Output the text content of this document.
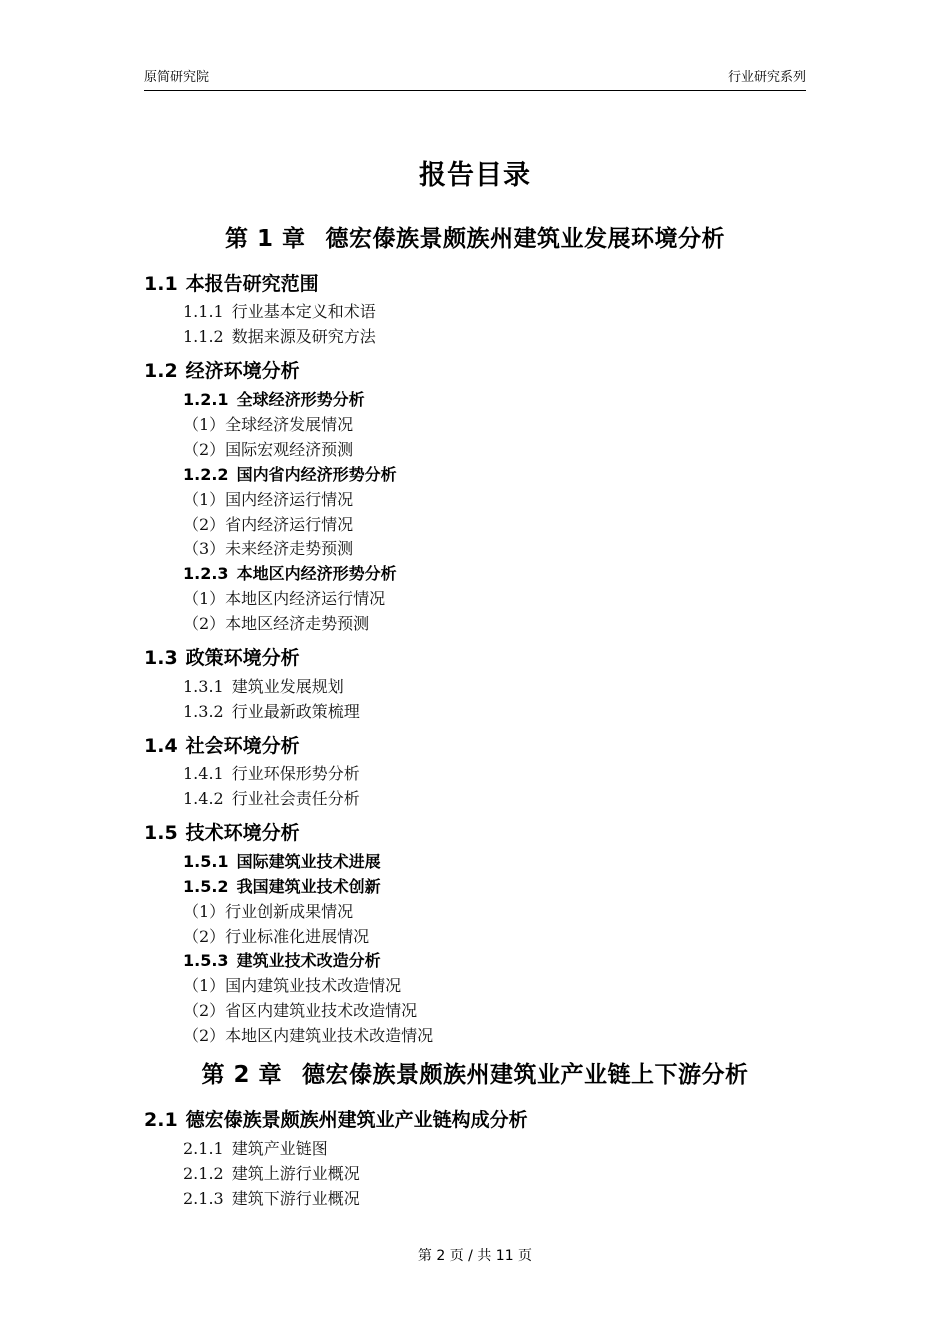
原简研究院	行业研究系列
报告目录
第 1 章 德宏傣族景颇族州建筑业发展环境分析
1.1 本报告研究范围
1.1.1 行业基本定义和术语
1.1.2 数据来源及研究方法
1.2 经济环境分析
1.2.1 全球经济形势分析
（1）全球经济发展情况
（2）国际宏观经济预测
1.2.2 国内省内经济形势分析
（1）国内经济运行情况
（2）省内经济运行情况
（3）未来经济走势预测
1.2.3 本地区内经济形势分析
（1）本地区内经济运行情况
（2）本地区经济走势预测
1.3 政策环境分析
1.3.1 建筑业发展规划
1.3.2 行业最新政策梳理
1.4 社会环境分析
1.4.1 行业环保形势分析
1.4.2 行业社会责任分析
1.5 技术环境分析
1.5.1 国际建筑业技术进展
1.5.2 我国建筑业技术创新
（1）行业创新成果情况
（2）行业标准化进展情况
1.5.3 建筑业技术改造分析
（1）国内建筑业技术改造情况
（2）省区内建筑业技术改造情况
（2）本地区内建筑业技术改造情况
第 2 章 德宏傣族景颇族州建筑业产业链上下游分析
2.1 德宏傣族景颇族州建筑业产业链构成分析
2.1.1 建筑产业链图
2.1.2 建筑上游行业概况
2.1.3 建筑下游行业概况
第 2 页 / 共 11 页
